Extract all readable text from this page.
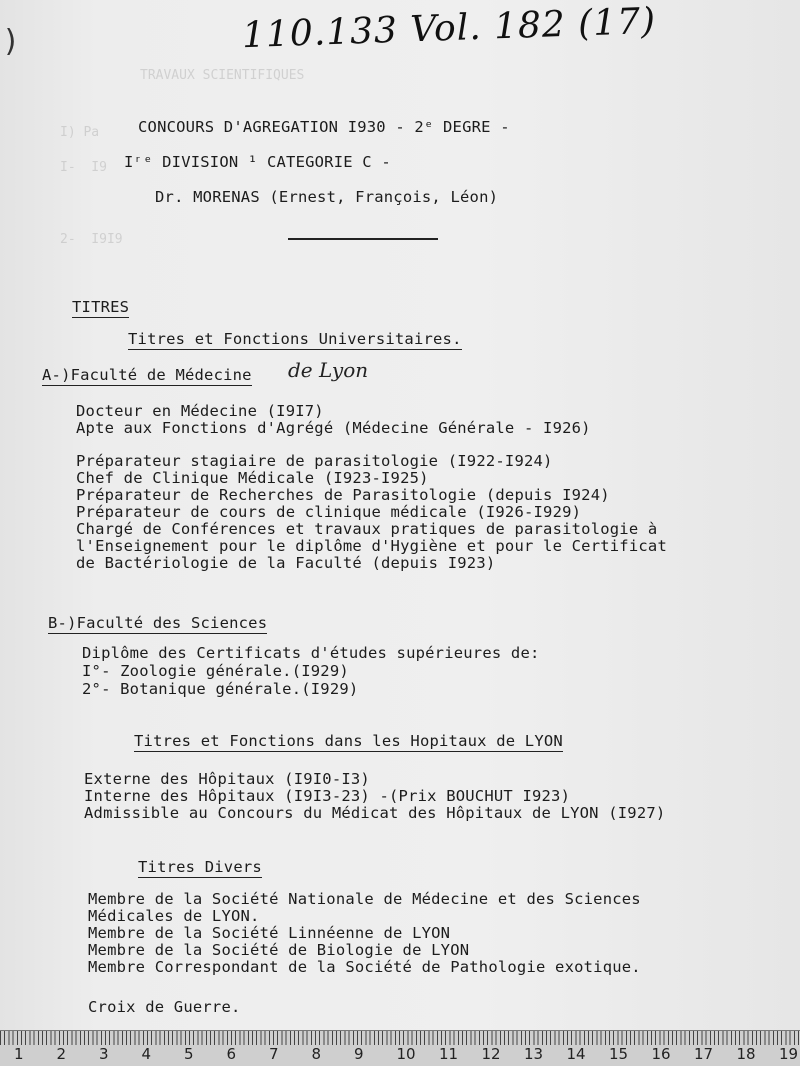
TRAVAUX SCIENTIFIQUES
I) Pa
I-  I9
2-  I9I9
)	110.133 Vol. 182 (17)
CONCOURS D'AGREGATION I930 - 2ᵉ DEGRE -
Iʳᵉ DIVISION ¹ CATEGORIE C -
Dr. MORENAS (Ernest, François, Léon)
TITRES
Titres et Fonctions Universitaires.
A-)Faculté de Médecine de Lyon
Docteur en Médecine (I9I7)
Apte aux Fonctions d'Agrégé (Médecine Générale - I926)
Préparateur stagiaire de parasitologie (I922-I924)
Chef de Clinique Médicale (I923-I925)
Préparateur de Recherches de Parasitologie (depuis I924)
Préparateur de cours de clinique médicale (I926-I929)
Chargé de Conférences et travaux pratiques de parasitologie à
l'Enseignement pour le diplôme d'Hygiène et pour le Certificat
de Bactériologie de la Faculté (depuis I923)
B-)Faculté des Sciences
Diplôme des Certificats d'études supérieures de:
I°- Zoologie générale.(I929)
2°- Botanique générale.(I929)
Titres et Fonctions dans les Hopitaux de LYON
Externe des Hôpitaux (I9I0-I3)
Interne des Hôpitaux (I9I3-23) -(Prix BOUCHUT I923)
Admissible au Concours du Médicat des Hôpitaux de LYON (I927)
Titres Divers
Membre de la Société Nationale de Médecine et des Sciences
Médicales de LYON.
Membre de la Société Linnéenne de LYON
Membre de la Société de Biologie de LYON
Membre Correspondant de la Société de Pathologie exotique.
Croix de Guerre.
1 2 3 4 5 6 7 8 9 10 11 12 13 14 15 16 17 18 19
